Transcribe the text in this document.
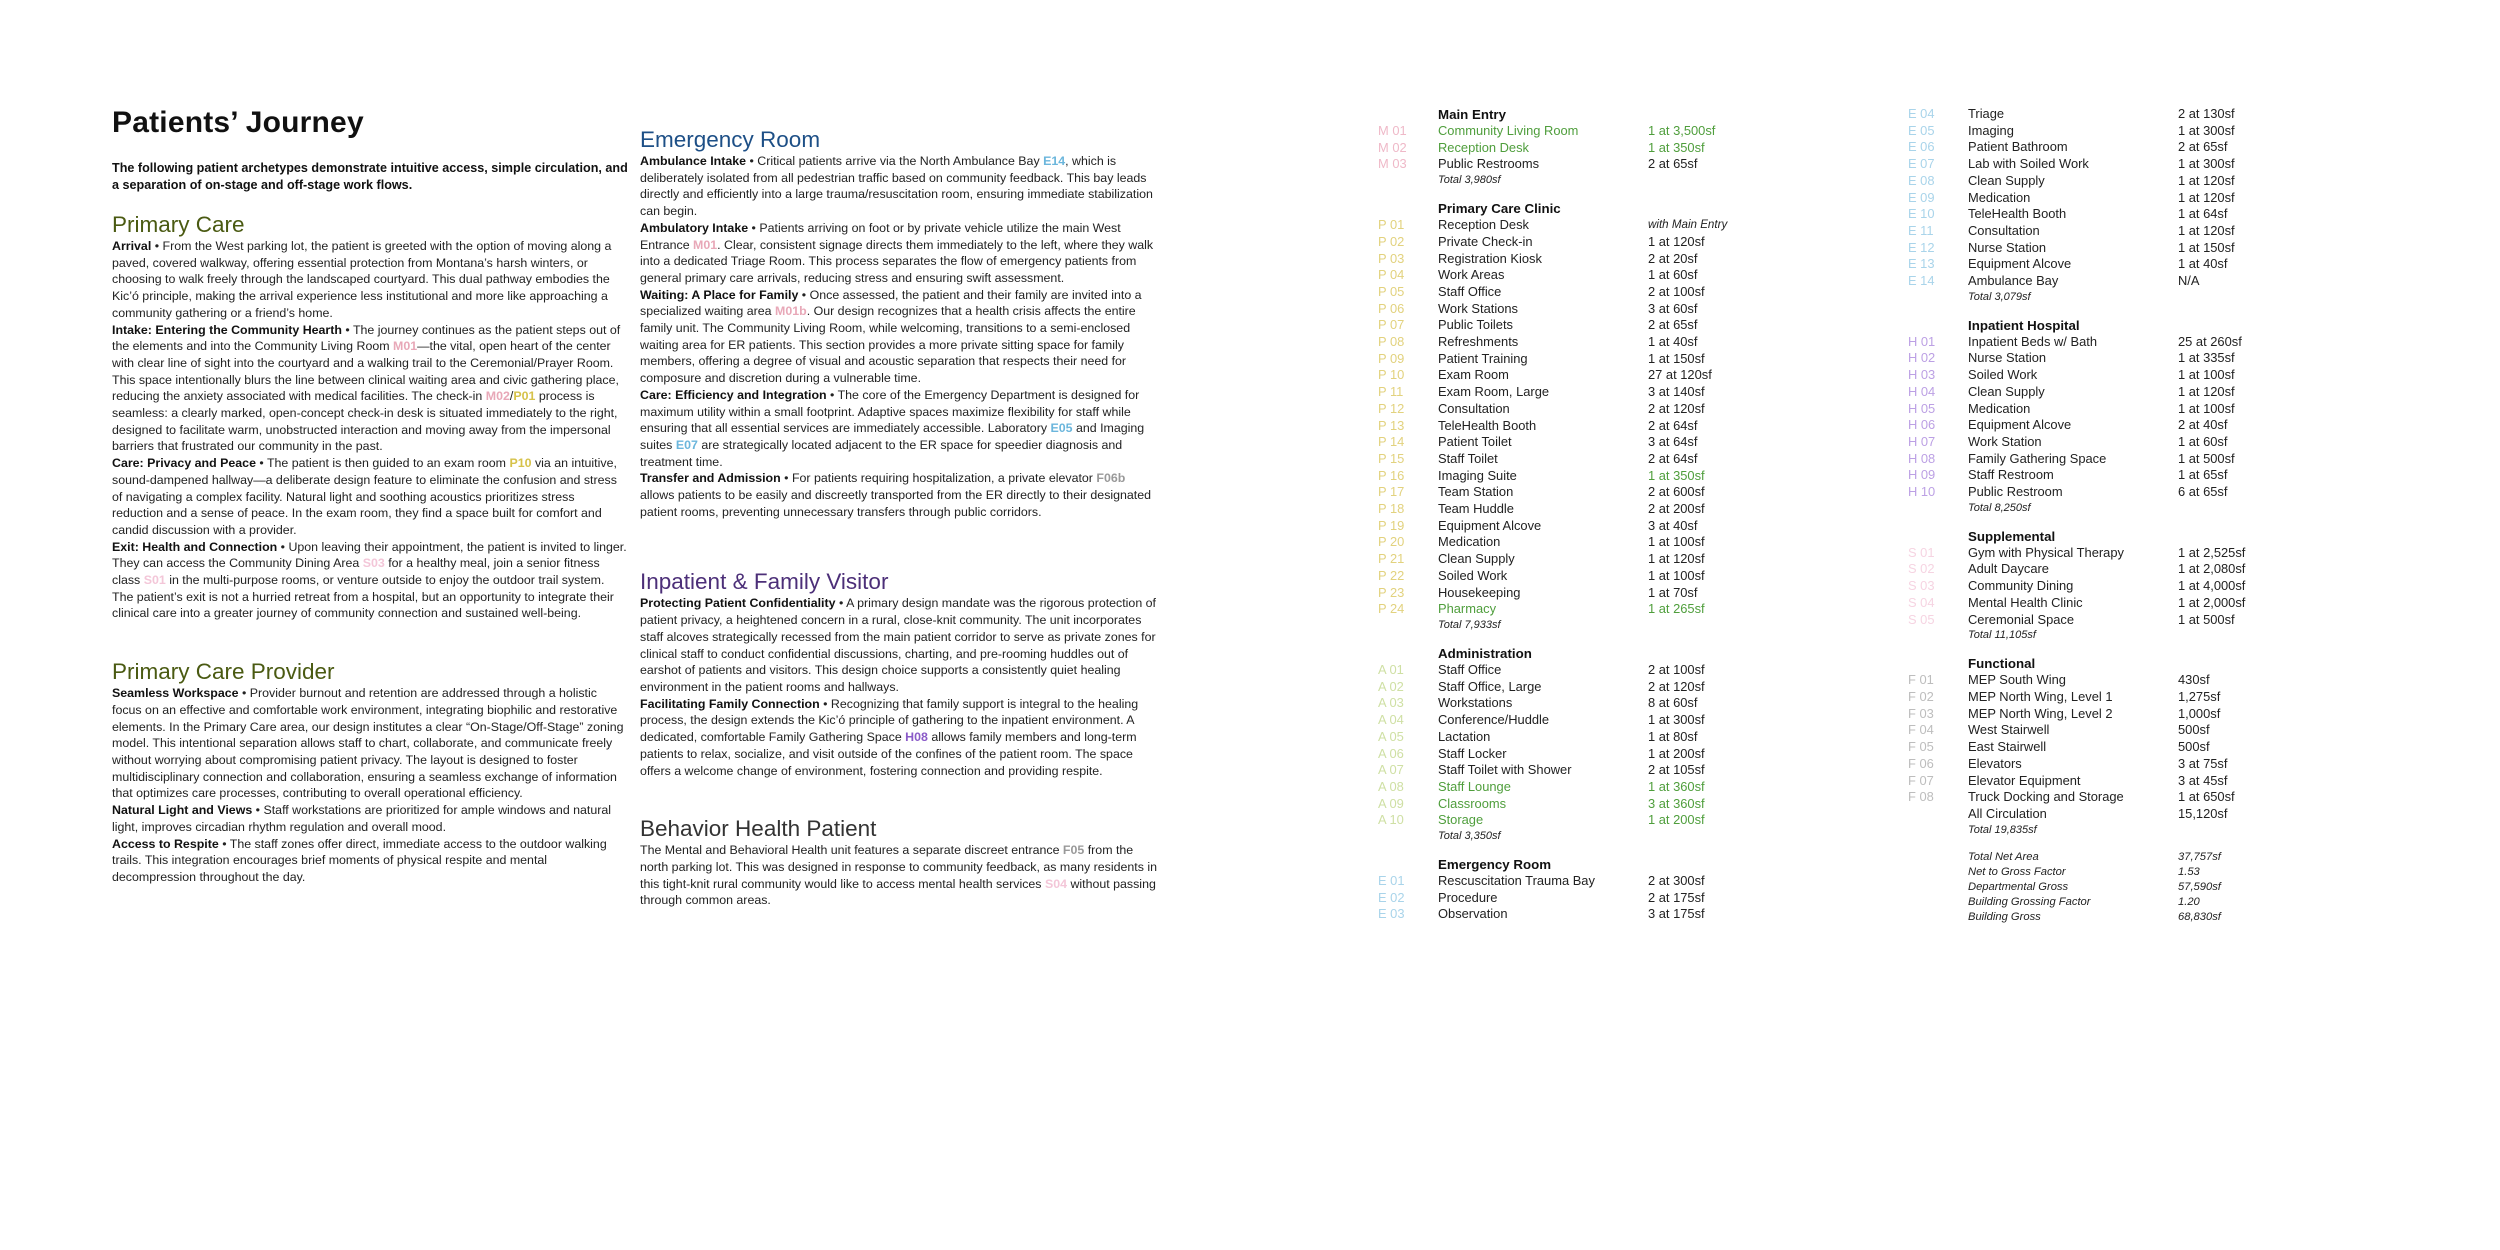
Patients’ Journey

The following patient archetypes demonstrate intuitive access, simple circulation, and a separation of on-stage and off-stage work flows.

Primary Care

Arrival • From the West parking lot, the patient is greeted with the option of moving along a paved, covered walkway, offering essential protection from Montana’s harsh winters, or choosing to walk freely through the landscaped courtyard. This dual pathway embodies the Kic’ó principle, making the arrival experience less institutional and more like approaching a community gathering or a friend’s home.
Intake: Entering the Community Hearth • The journey continues as the patient steps out of the elements and into the Community Living Room M01—the vital, open heart of the center with clear line of sight into the courtyard and a walking trail to the Ceremonial/Prayer Room. This space intentionally blurs the line between clinical waiting area and civic gathering place, reducing the anxiety associated with medical facilities. The check-in M02/P01 process is seamless: a clearly marked, open-concept check-in desk is situated immediately to the right, designed to facilitate warm, unobstructed interaction and moving away from the impersonal barriers that frustrated our community in the past.
Care: Privacy and Peace • The patient is then guided to an exam room P10 via an intuitive, sound-dampened hallway—a deliberate design feature to eliminate the confusion and stress of navigating a complex facility. Natural light and soothing acoustics prioritizes stress reduction and a sense of peace. In the exam room, they find a space built for comfort and candid discussion with a provider.
Exit: Health and Connection • Upon leaving their appointment, the patient is invited to linger. They can access the Community Dining Area S03 for a healthy meal, join a senior fitness class S01 in the multi-purpose rooms, or venture outside to enjoy the outdoor trail system. The patient’s exit is not a hurried retreat from a hospital, but an opportunity to integrate their clinical care into a greater journey of community connection and sustained well-being.

Primary Care Provider

Seamless Workspace • Provider burnout and retention are addressed through a holistic focus on an effective and comfortable work environment, integrating biophilic and restorative elements. In the Primary Care area, our design institutes a clear “On-Stage/Off-Stage” zoning model. This intentional separation allows staff to chart, collaborate, and communicate freely without worrying about compromising patient privacy. The layout is designed to foster multidisciplinary connection and collaboration, ensuring a seamless exchange of information that optimizes care processes, contributing to overall operational efficiency.
Natural Light and Views • Staff workstations are prioritized for ample windows and natural light, improves circadian rhythm regulation and overall mood.
Access to Respite • The staff zones offer direct, immediate access to the outdoor walking trails. This integration encourages brief moments of physical respite and mental decompression throughout the day.

Emergency Room

Ambulance Intake • Critical patients arrive via the North Ambulance Bay E14, which is deliberately isolated from all pedestrian traffic based on community feedback. This bay leads directly and efficiently into a large trauma/resuscitation room, ensuring immediate stabilization can begin.
Ambulatory Intake • Patients arriving on foot or by private vehicle utilize the main West Entrance M01. Clear, consistent signage directs them immediately to the left, where they walk into a dedicated Triage Room. This process separates the flow of emergency patients from general primary care arrivals, reducing stress and ensuring swift assessment.
Waiting: A Place for Family • Once assessed, the patient and their family are invited into a specialized waiting area M01b. Our design recognizes that a health crisis affects the entire family unit. The Community Living Room, while welcoming, transitions to a semi-enclosed waiting area for ER patients. This section provides a more private sitting space for family members, offering a degree of visual and acoustic separation that respects their need for composure and discretion during a vulnerable time.
Care: Efficiency and Integration • The core of the Emergency Department is designed for maximum utility within a small footprint. Adaptive spaces maximize flexibility for staff while ensuring that all essential services are immediately accessible. Laboratory E05 and Imaging suites E07 are strategically located adjacent to the ER space for speedier diagnosis and treatment time.
Transfer and Admission • For patients requiring hospitalization, a private elevator F06b allows patients to be easily and discreetly transported from the ER directly to their designated patient rooms, preventing unnecessary transfers through public corridors.

Inpatient & Family Visitor

Protecting Patient Confidentiality • A primary design mandate was the rigorous protection of patient privacy, a heightened concern in a rural, close-knit community. The unit incorporates staff alcoves strategically recessed from the main patient corridor to serve as private zones for clinical staff to conduct confidential discussions, charting, and pre-rooming huddles out of earshot of patients and visitors. This design choice supports a consistently quiet healing environment in the patient rooms and hallways.
Facilitating Family Connection • Recognizing that family support is integral to the healing process, the design extends the Kic’ó principle of gathering to the inpatient environment. A dedicated, comfortable Family Gathering Space H08 allows family members and long-term patients to relax, socialize, and visit outside of the confines of the patient room. The space offers a welcome change of environment, fostering connection and providing respite.

Behavior Health Patient

The Mental and Behavioral Health unit features a separate discreet entrance F05 from the north parking lot. This was designed in response to community feedback, as many residents in this tight-knit rural community would like to access mental health services S04 without passing through common areas.

Main Entry
M 01	Community Living Room	1 at 3,500sf
M 02	Reception Desk	1 at 350sf
M 03	Public Restrooms	2 at 65sf
Total 3,980sf
Primary Care Clinic
P 01	Reception Desk	with Main Entry
P 02	Private Check-in	1 at 120sf
P 03	Registration Kiosk	2 at 20sf
P 04	Work Areas	1 at 60sf
P 05	Staff Office	2 at 100sf
P 06	Work Stations	3 at 60sf
P 07	Public Toilets	2 at 65sf
P 08	Refreshments	1 at 40sf
P 09	Patient Training	1 at 150sf
P 10	Exam Room	27 at 120sf
P 11	Exam Room, Large	3 at 140sf
P 12	Consultation	2 at 120sf
P 13	TeleHealth Booth	2 at 64sf
P 14	Patient Toilet	3 at 64sf
P 15	Staff Toilet	2 at 64sf
P 16	Imaging Suite	1 at 350sf
P 17	Team Station	2 at 600sf
P 18	Team Huddle	2 at 200sf
P 19	Equipment Alcove	3 at 40sf
P 20	Medication	1 at 100sf
P 21	Clean Supply	1 at 120sf
P 22	Soiled Work	1 at 100sf
P 23	Housekeeping	1 at 70sf
P 24	Pharmacy	1 at 265sf
Total 7,933sf
Administration
A 01	Staff Office	2 at 100sf
A 02	Staff Office, Large	2 at 120sf
A 03	Workstations	8 at 60sf
A 04	Conference/Huddle	1 at 300sf
A 05	Lactation	1 at 80sf
A 06	Staff Locker	1 at 200sf
A 07	Staff Toilet with Shower	2 at 105sf
A 08	Staff Lounge	1 at 360sf
A 09	Classrooms	3 at 360sf
A 10	Storage	1 at 200sf
Total 3,350sf
Emergency Room
E 01	Rescuscitation Trauma Bay	2 at 300sf
E 02	Procedure	2 at 175sf
E 03	Observation	3 at 175sf
E 04	Triage	2 at 130sf
E 05	Imaging	1 at 300sf
E 06	Patient Bathroom	2 at 65sf
E 07	Lab with Soiled Work	1 at 300sf
E 08	Clean Supply	1 at 120sf
E 09	Medication	1 at 120sf
E 10	TeleHealth Booth	1 at 64sf
E 11	Consultation	1 at 120sf
E 12	Nurse Station	1 at 150sf
E 13	Equipment Alcove	1 at 40sf
E 14	Ambulance Bay	N/A
Total 3,079sf
Inpatient Hospital
H 01	Inpatient Beds w/ Bath	25 at 260sf
H 02	Nurse Station	1 at 335sf
H 03	Soiled Work	1 at 100sf
H 04	Clean Supply	1 at 120sf
H 05	Medication	1 at 100sf
H 06	Equipment Alcove	2 at 40sf
H 07	Work Station	1 at 60sf
H 08	Family Gathering Space	1 at 500sf
H 09	Staff Restroom	1 at 65sf
H 10	Public Restroom	6 at 65sf
Total 8,250sf
Supplemental
S 01	Gym with Physical Therapy	1 at 2,525sf
S 02	Adult Daycare	1 at 2,080sf
S 03	Community Dining	1 at 4,000sf
S 04	Mental Health Clinic	1 at 2,000sf
S 05	Ceremonial Space	1 at 500sf
Total 11,105sf
Functional
F 01	MEP South Wing	430sf
F 02	MEP North Wing, Level 1	1,275sf
F 03	MEP North Wing, Level 2	1,000sf
F 04	West Stairwell	500sf
F 05	East Stairwell	500sf
F 06	Elevators	3 at 75sf
F 07	Elevator Equipment	3 at 45sf
F 08	Truck Docking and Storage	1 at 650sf
All Circulation	15,120sf
Total 19,835sf
Total Net Area	37,757sf
Net to Gross Factor	1.53
Departmental Gross	57,590sf
Building Grossing Factor	1.20
Building Gross	68,830sf
